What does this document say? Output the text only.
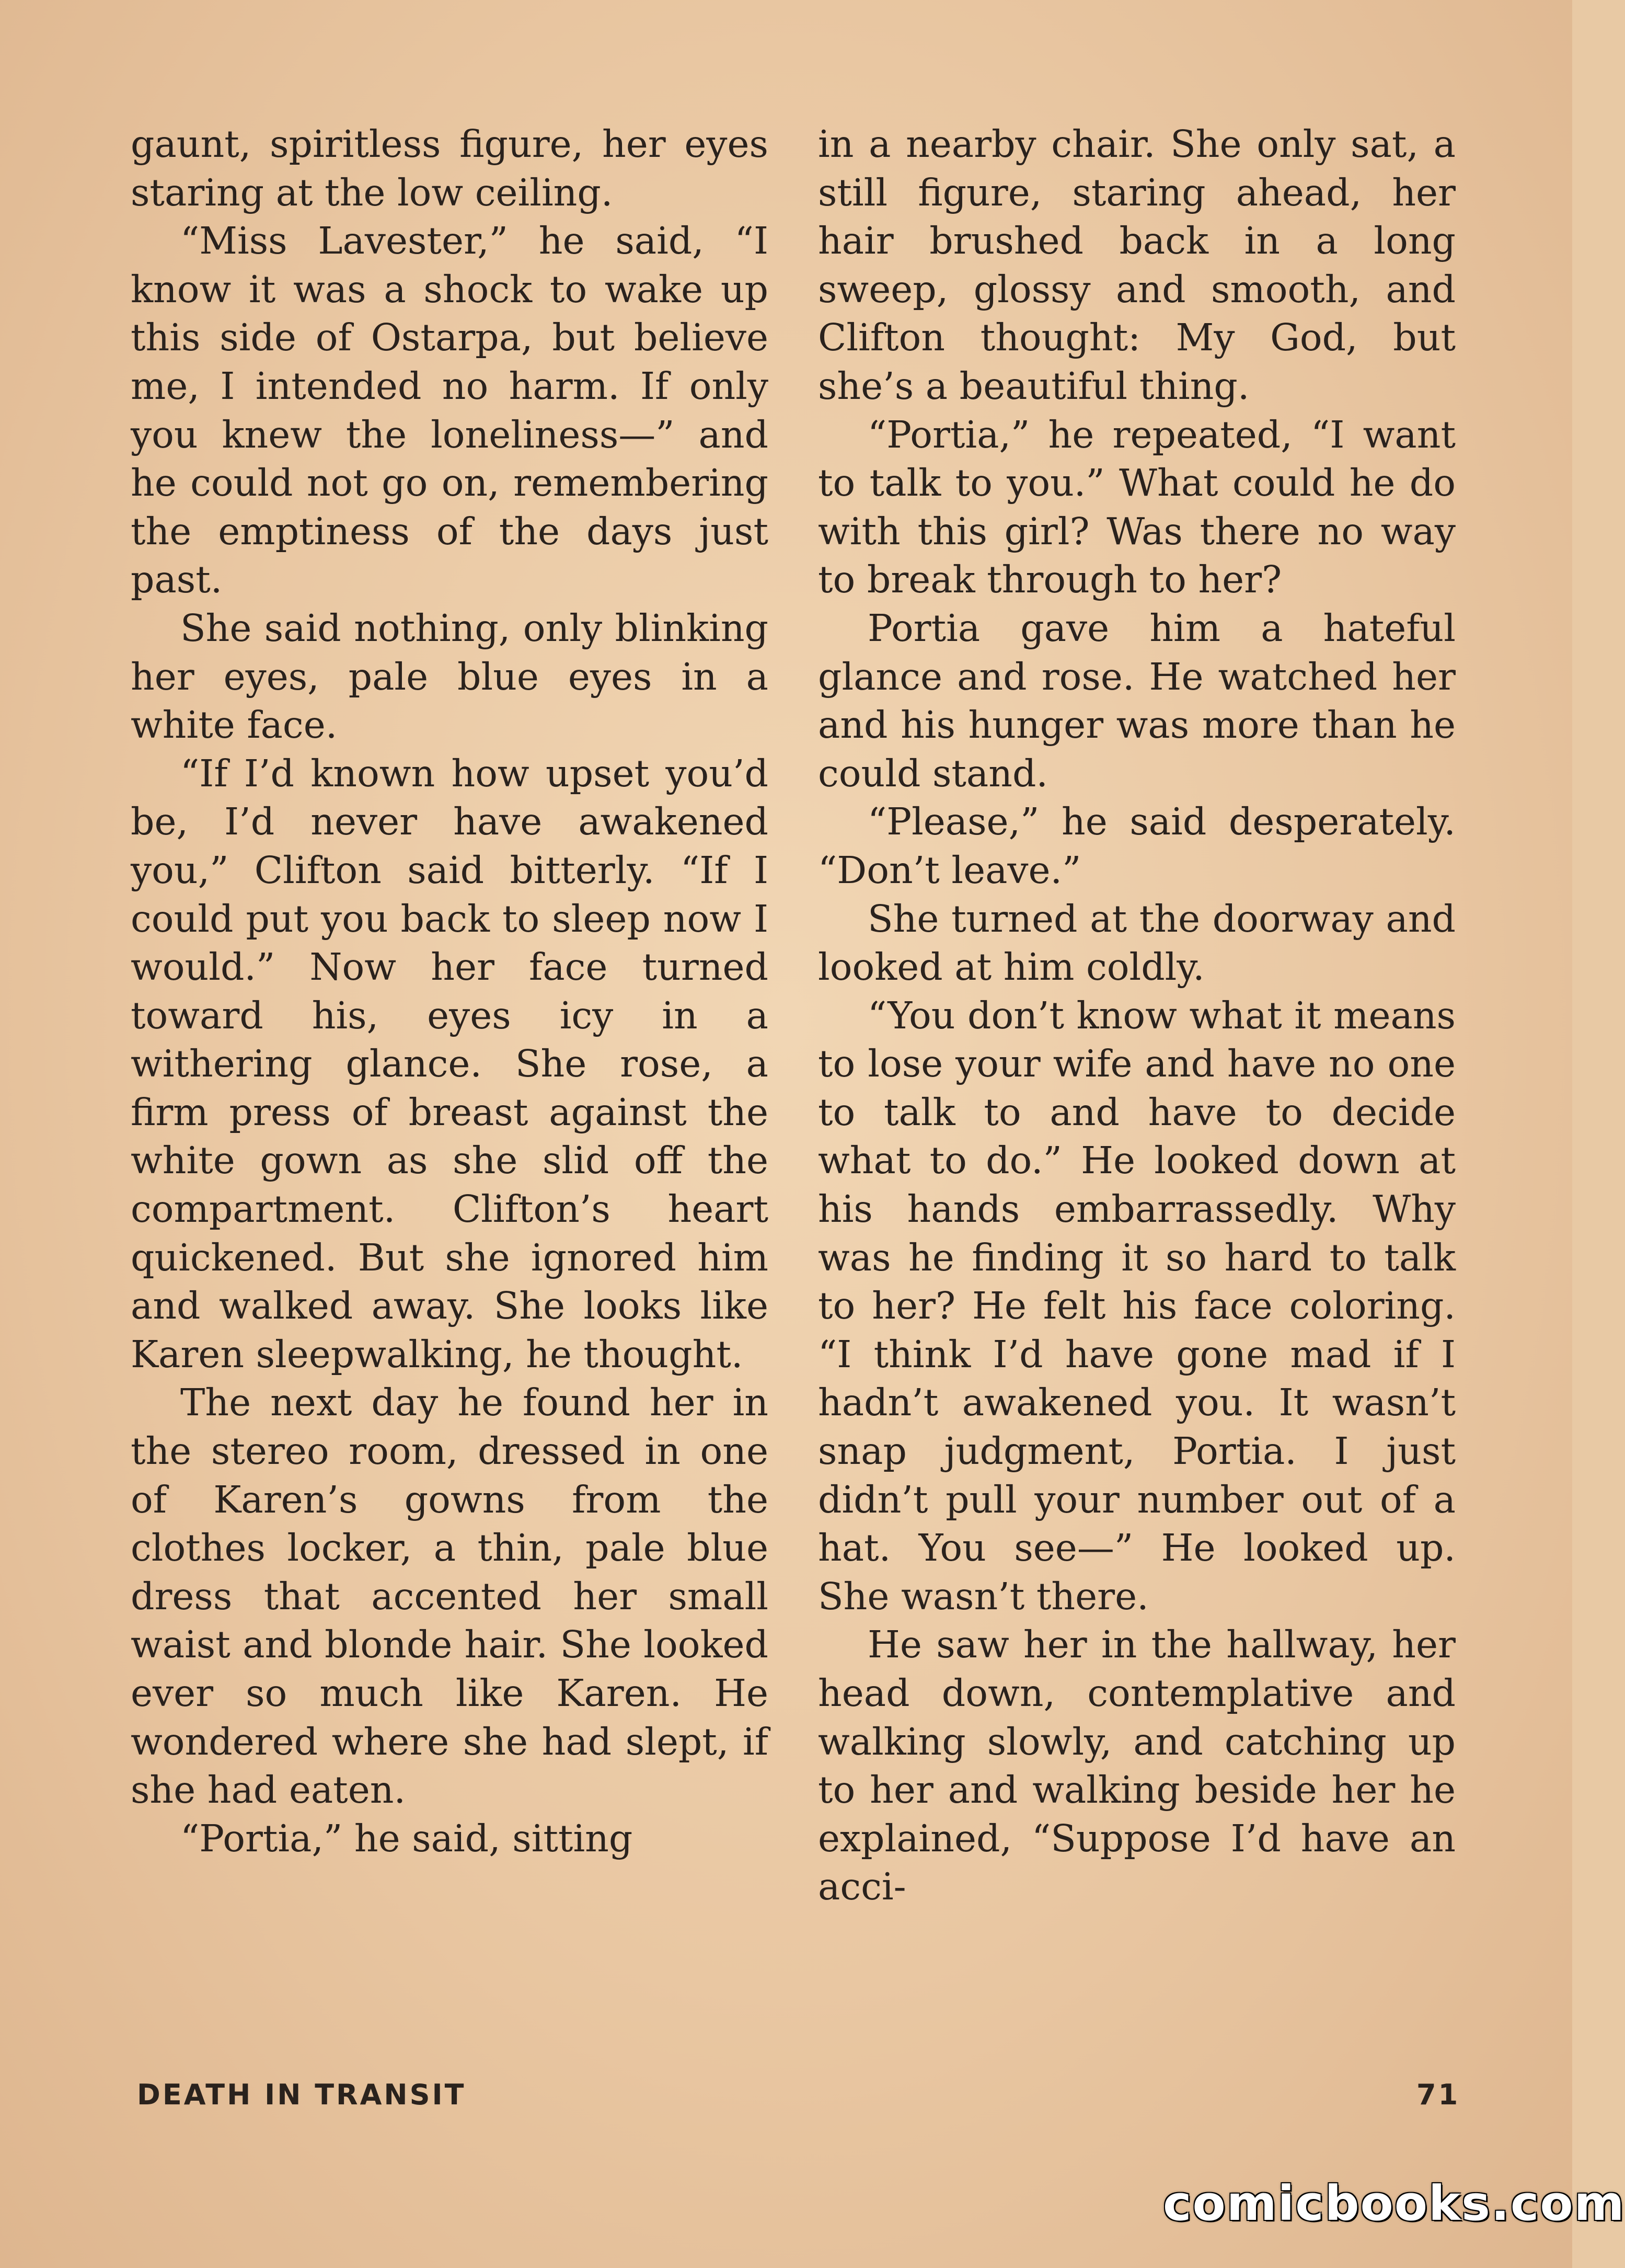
gaunt, spiritless figure, her eyes staring at the low ceiling.

“Miss Lavester,” he said, “I know it was a shock to wake up this side of Ostarpa, but believe me, I intended no harm. If only you knew the loneliness—” and he could not go on, remembering the emptiness of the days just past.

She said nothing, only blinking her eyes, pale blue eyes in a white face.

“If I’d known how upset you’d be, I’d never have awakened you,” Clifton said bitterly. “If I could put you back to sleep now I would.” Now her face turned toward his, eyes icy in a withering glance. She rose, a firm press of breast against the white gown as she slid off the compartment. Clifton’s heart quickened. But she ignored him and walked away. She looks like Karen sleepwalking, he thought.

The next day he found her in the stereo room, dressed in one of Karen’s gowns from the clothes locker, a thin, pale blue dress that accented her small waist and blonde hair. She looked ever so much like Karen. He wondered where she had slept, if she had eaten.

“Portia,” he said, sitting

in a nearby chair. She only sat, a still figure, staring ahead, her hair brushed back in a long sweep, glossy and smooth, and Clifton thought: My God, but she’s a beautiful thing.

“Portia,” he repeated, “I want to talk to you.” What could he do with this girl? Was there no way to break through to her?

Portia gave him a hateful glance and rose. He watched her and his hunger was more than he could stand.

“Please,” he said desperately. “Don’t leave.”

She turned at the doorway and looked at him coldly.

“You don’t know what it means to lose your wife and have no one to talk to and have to decide what to do.” He looked down at his hands embarrassedly. Why was he finding it so hard to talk to her? He felt his face coloring. “I think I’d have gone mad if I hadn’t awakened you. It wasn’t snap judgment, Portia. I just didn’t pull your number out of a hat. You see—” He looked up. She wasn’t there.

He saw her in the hallway, her head down, contemplative and walking slowly, and catching up to her and walking beside her he explained, “Suppose I’d have an acci-

DEATH IN TRANSIT	71
comicbooks.com
